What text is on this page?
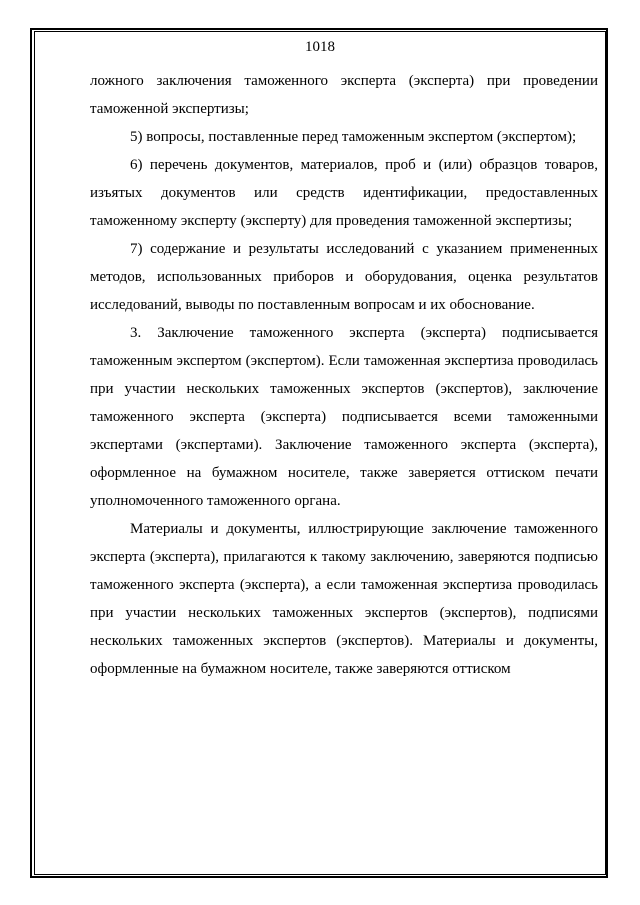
1018

ложного заключения таможенного эксперта (эксперта) при проведении таможенной экспертизы;

5) вопросы, поставленные перед таможенным экспертом (экспертом);

6) перечень документов, материалов, проб и (или) образцов товаров, изъятых документов или средств идентификации, предоставленных таможенному эксперту (эксперту) для проведения таможенной экспертизы;

7) содержание и результаты исследований с указанием примененных методов, использованных приборов и оборудования, оценка результатов исследований, выводы по поставленным вопросам и их обоснование.

3. Заключение таможенного эксперта (эксперта) подписывается таможенным экспертом (экспертом). Если таможенная экспертиза проводилась при участии нескольких таможенных экспертов (экспертов), заключение таможенного эксперта (эксперта) подписывается всеми таможенными экспертами (экспертами). Заключение таможенного эксперта (эксперта), оформленное на бумажном носителе, также заверяется оттиском печати уполномоченного таможенного органа.

Материалы и документы, иллюстрирующие заключение таможенного эксперта (эксперта), прилагаются к такому заключению, заверяются подписью таможенного эксперта (эксперта), а если таможенная экспертиза проводилась при участии нескольких таможенных экспертов (экспертов), подписями нескольких таможенных экспертов (экспертов). Материалы и документы, оформленные на бумажном носителе, также заверяются оттиском
